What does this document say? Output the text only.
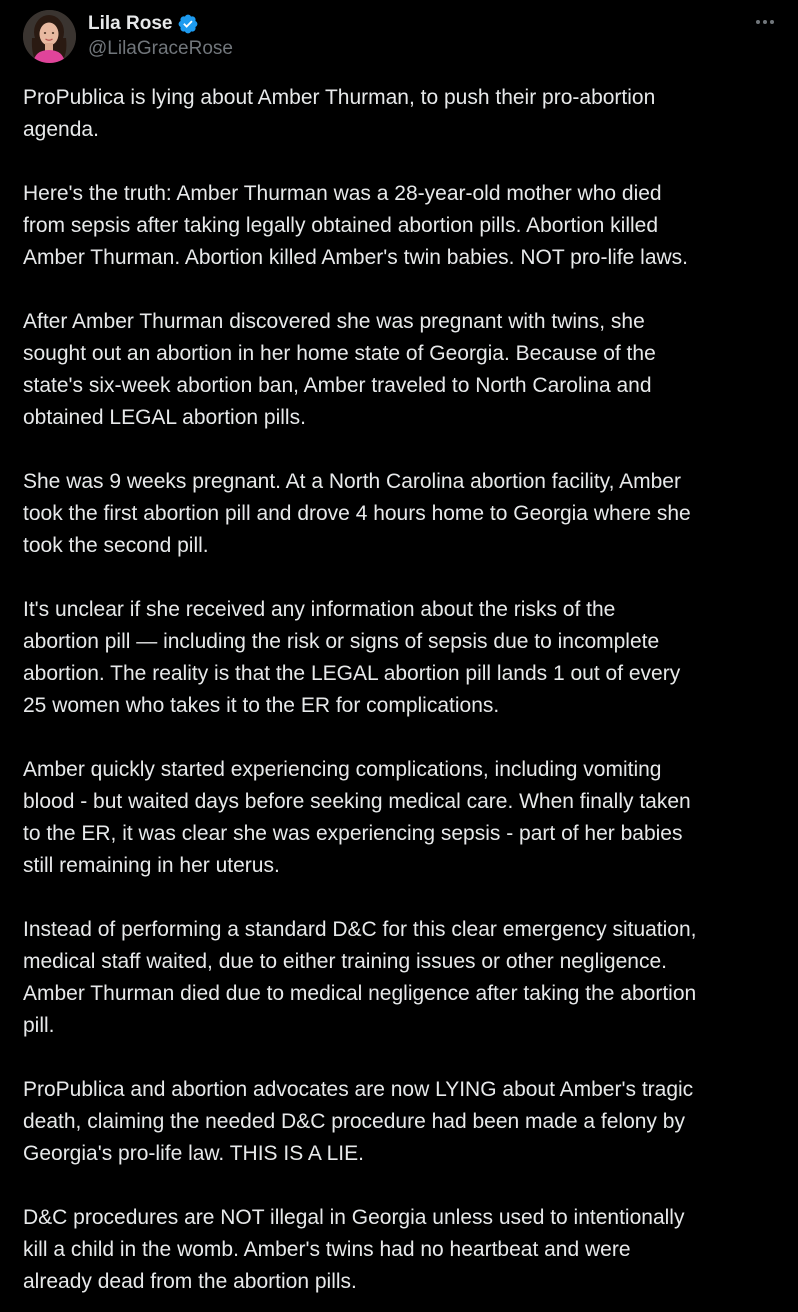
Lila Rose
@LilaGraceRose

ProPublica is lying about Amber Thurman, to push their pro-abortion
agenda.

Here's the truth: Amber Thurman was a 28-year-old mother who died
from sepsis after taking legally obtained abortion pills. Abortion killed
Amber Thurman. Abortion killed Amber's twin babies. NOT pro-life laws.

After Amber Thurman discovered she was pregnant with twins, she
sought out an abortion in her home state of Georgia. Because of the
state's six-week abortion ban, Amber traveled to North Carolina and
obtained LEGAL abortion pills.

She was 9 weeks pregnant. At a North Carolina abortion facility, Amber
took the first abortion pill and drove 4 hours home to Georgia where she
took the second pill.

It's unclear if she received any information about the risks of the
abortion pill — including the risk or signs of sepsis due to incomplete
abortion. The reality is that the LEGAL abortion pill lands 1 out of every
25 women who takes it to the ER for complications.

Amber quickly started experiencing complications, including vomiting
blood - but waited days before seeking medical care. When finally taken
to the ER, it was clear she was experiencing sepsis - part of her babies
still remaining in her uterus.

Instead of performing a standard D&C for this clear emergency situation,
medical staff waited, due to either training issues or other negligence.
Amber Thurman died due to medical negligence after taking the abortion
pill.

ProPublica and abortion advocates are now LYING about Amber's tragic
death, claiming the needed D&C procedure had been made a felony by
Georgia's pro-life law. THIS IS A LIE.

D&C procedures are NOT illegal in Georgia unless used to intentionally
kill a child in the womb. Amber's twins had no heartbeat and were
already dead from the abortion pills.
